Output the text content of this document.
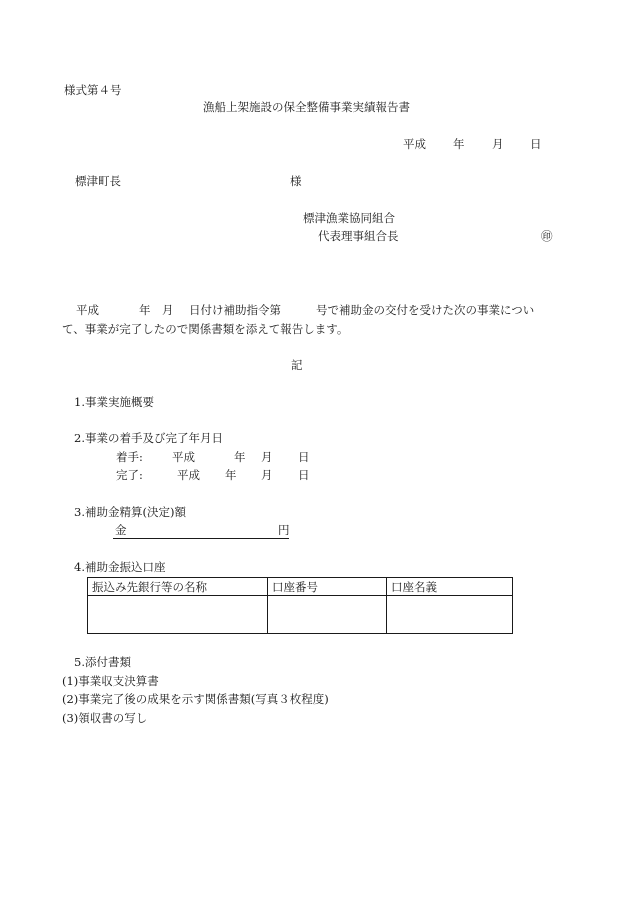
様式第４号
漁船上架施設の保全整備事業実績報告書
平成 年 月 日
標津町長	様
標津漁業協同組合
代表理事組合長	㊞
平成	年 月 日付け補助指令第	号で補助金の交付を受けた次の事業につい
て、事業が完了したので関係書類を添えて報告します。
記
1.事業実施概要
2.事業の着手及び完了年月日
着手:	平成	年 月 日
完了:	平成 年 月 日
3.補助金精算(決定)額
金	円
4.補助金振込口座
振込み先銀行等の名称	口座番号	口座名義

5.添付書類
(1)事業収支決算書
(2)事業完了後の成果を示す関係書類(写真３枚程度)
(3)領収書の写し
